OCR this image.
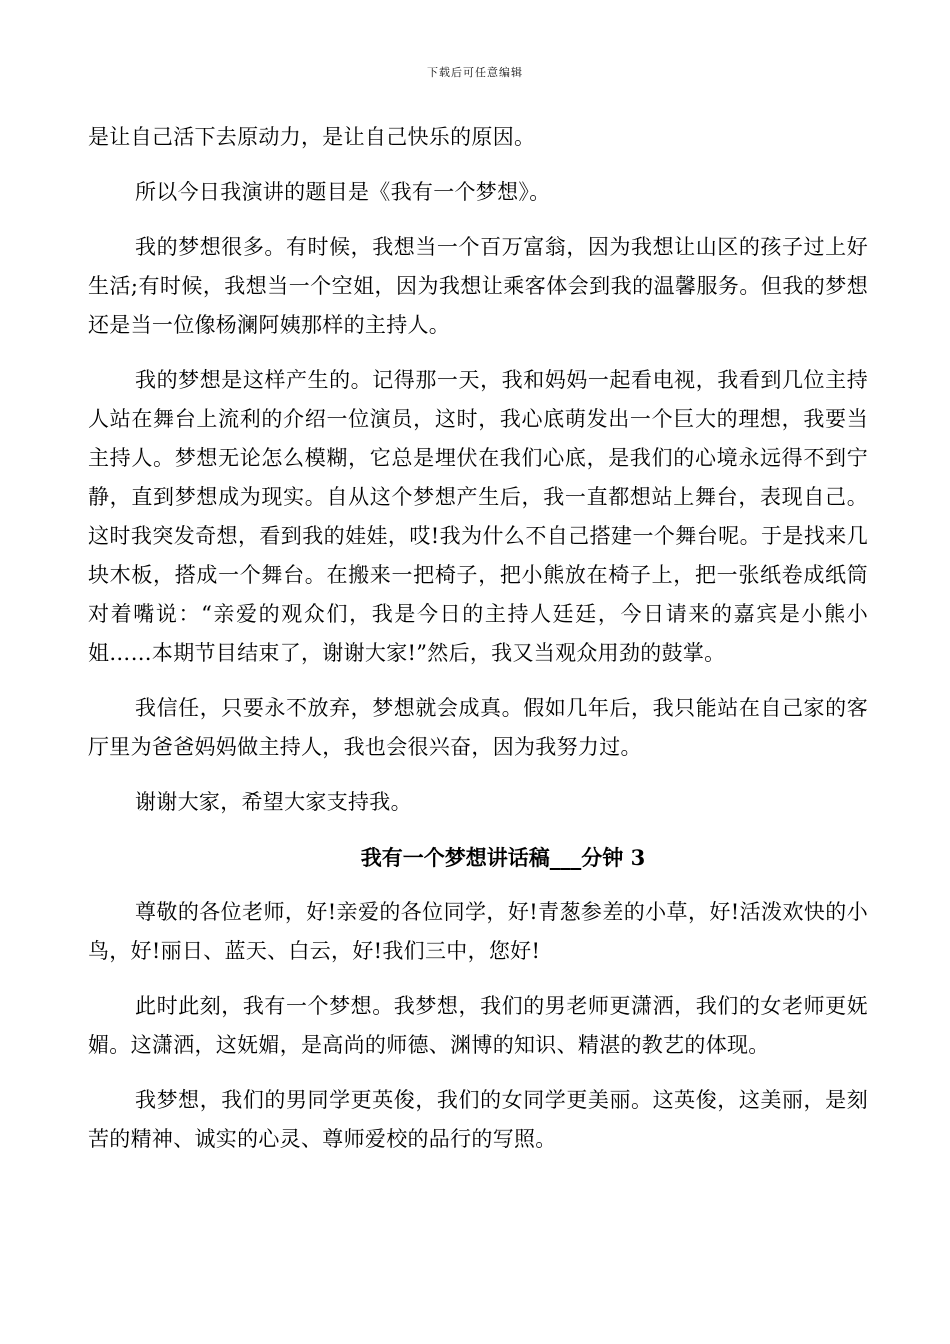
下载后可任意编辑

是让自己活下去原动力，是让自己快乐的原因。

所以今日我演讲的题目是《我有一个梦想》。

我的梦想很多。有时候，我想当一个百万富翁，因为我想让山区的孩子过上好生活;有时候，我想当一个空姐，因为我想让乘客体会到我的温馨服务。但我的梦想还是当一位像杨澜阿姨那样的主持人。

我的梦想是这样产生的。记得那一天，我和妈妈一起看电视，我看到几位主持人站在舞台上流利的介绍一位演员，这时，我心底萌发出一个巨大的理想，我要当主持人。梦想无论怎么模糊，它总是埋伏在我们心底，是我们的心境永远得不到宁静，直到梦想成为现实。自从这个梦想产生后，我一直都想站上舞台，表现自己。这时我突发奇想，看到我的娃娃，哎!我为什么不自己搭建一个舞台呢。于是找来几块木板，搭成一个舞台。在搬来一把椅子，把小熊放在椅子上，把一张纸卷成纸筒对着嘴说：“亲爱的观众们，我是今日的主持人廷廷，今日请来的嘉宾是小熊小姐……本期节目结束了，谢谢大家!”然后，我又当观众用劲的鼓掌。

我信任，只要永不放弃，梦想就会成真。假如几年后，我只能站在自己家的客厅里为爸爸妈妈做主持人，我也会很兴奋，因为我努力过。

谢谢大家，希望大家支持我。

我有一个梦想讲话稿___分钟 3

尊敬的各位老师，好!亲爱的各位同学，好!青葱参差的小草，好!活泼欢快的小鸟，好!丽日、蓝天、白云，好!我们三中，您好!

此时此刻，我有一个梦想。我梦想，我们的男老师更潇洒，我们的女老师更妩媚。这潇洒，这妩媚，是高尚的师德、渊博的知识、精湛的教艺的体现。

我梦想，我们的男同学更英俊，我们的女同学更美丽。这英俊，这美丽，是刻苦的精神、诚实的心灵、尊师爱校的品行的写照。
